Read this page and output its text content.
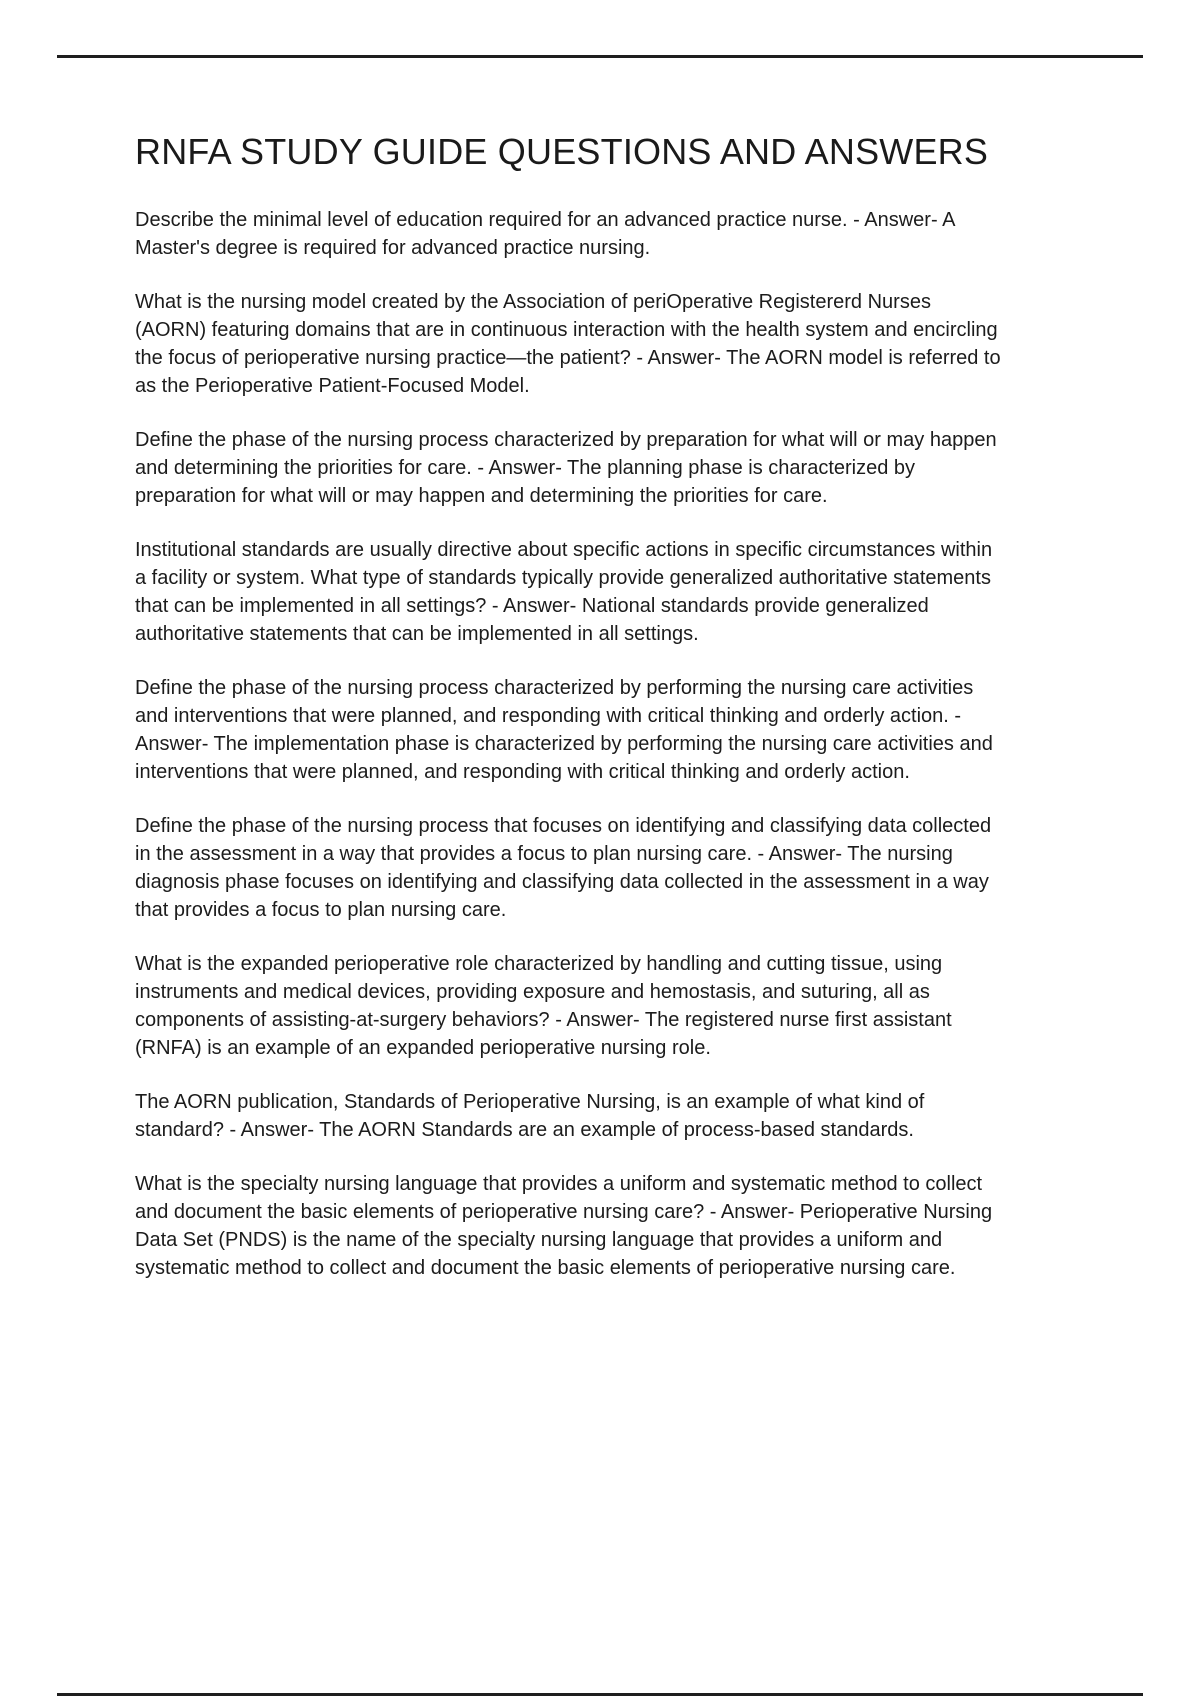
RNFA STUDY GUIDE QUESTIONS AND ANSWERS

Describe the minimal level of education required for an advanced practice nurse. - Answer- A Master's degree is required for advanced practice nursing.

What is the nursing model created by the Association of periOperative Registererd Nurses (AORN) featuring domains that are in continuous interaction with the health system and encircling the focus of perioperative nursing practice—the patient? - Answer- The AORN model is referred to as the Perioperative Patient-Focused Model.

Define the phase of the nursing process characterized by preparation for what will or may happen and determining the priorities for care. - Answer- The planning phase is characterized by preparation for what will or may happen and determining the priorities for care.

Institutional standards are usually directive about specific actions in specific circumstances within a facility or system. What type of standards typically provide generalized authoritative statements that can be implemented in all settings? - Answer- National standards provide generalized authoritative statements that can be implemented in all settings.

Define the phase of the nursing process characterized by performing the nursing care activities and interventions that were planned, and responding with critical thinking and orderly action. - Answer- The implementation phase is characterized by performing the nursing care activities and interventions that were planned, and responding with critical thinking and orderly action.

Define the phase of the nursing process that focuses on identifying and classifying data collected in the assessment in a way that provides a focus to plan nursing care. - Answer- The nursing diagnosis phase focuses on identifying and classifying data collected in the assessment in a way that provides a focus to plan nursing care.

What is the expanded perioperative role characterized by handling and cutting tissue, using instruments and medical devices, providing exposure and hemostasis, and suturing, all as components of assisting-at-surgery behaviors? - Answer- The registered nurse first assistant (RNFA) is an example of an expanded perioperative nursing role.

The AORN publication, Standards of Perioperative Nursing, is an example of what kind of standard? - Answer- The AORN Standards are an example of process-based standards.

What is the specialty nursing language that provides a uniform and systematic method to collect and document the basic elements of perioperative nursing care? - Answer- Perioperative Nursing Data Set (PNDS) is the name of the specialty nursing language that provides a uniform and systematic method to collect and document the basic elements of perioperative nursing care.
